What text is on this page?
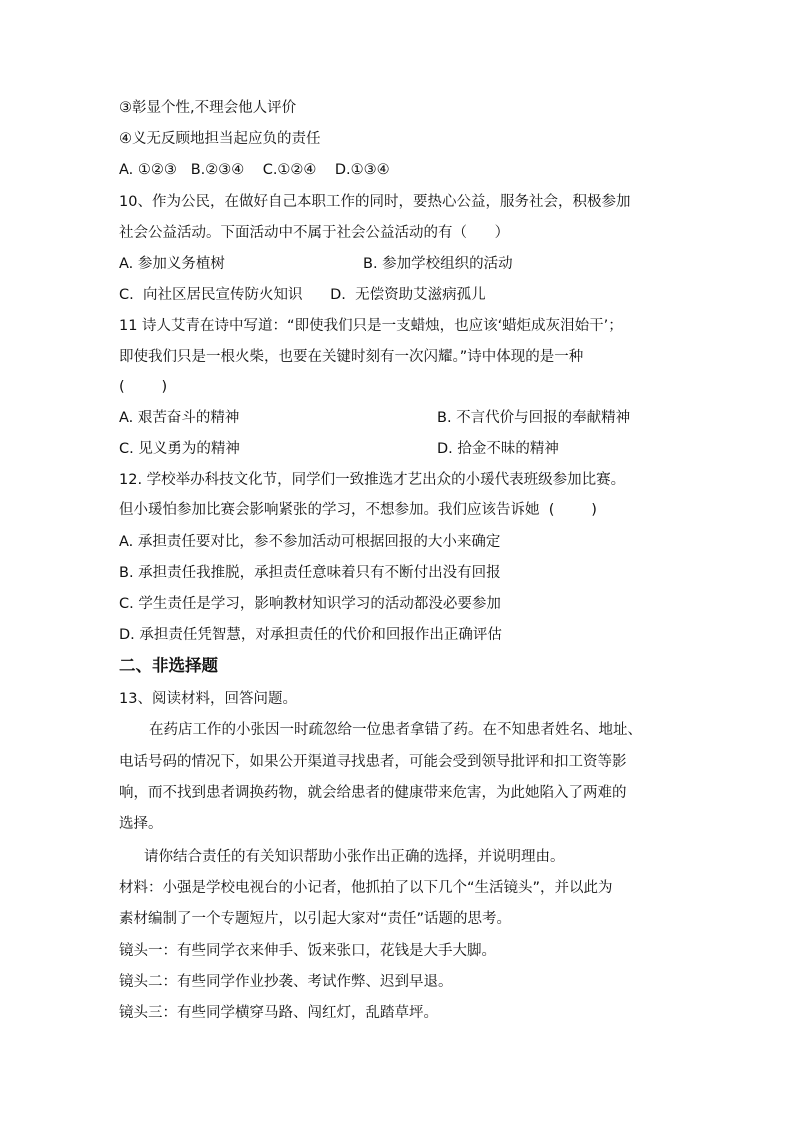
③彰显个性,不理会他人评价
④义无反顾地担当起应负的责任
A. ①②③   B.②③④    C.①②④    D.①③④
10、作为公民，在做好自己本职工作的同时，要热心公益，服务社会，积极参加
社会公益活动。下面活动中不属于社会公益活动的有（      ）
A. 参加义务植树	B. 参加学校组织的活动
C.  向社区居民宣传防火知识      D.  无偿资助艾滋病孤儿
11 诗人艾青在诗中写道：“即使我们只是一支蜡烛，也应该‘蜡炬成灰泪始干’；
即使我们只是一根火柴，也要在关键时刻有一次闪耀。”诗中体现的是一种
(        )
A. 艰苦奋斗的精神	B. 不言代价与回报的奉献精神
C. 见义勇为的精神	D. 拾金不昧的精神
12. 学校举办科技文化节，同学们一致推选才艺出众的小瑗代表班级参加比赛。
但小瑗怕参加比赛会影响紧张的学习，不想参加。我们应该告诉她  (        )
A. 承担责任要对比，参不参加活动可根据回报的大小来确定
B. 承担责任我推脱，承担责任意味着只有不断付出没有回报
C. 学生责任是学习，影响教材知识学习的活动都没必要参加
D. 承担责任凭智慧，对承担责任的代价和回报作出正确评估
二、非选择题
13、阅读材料，回答问题。
在药店工作的小张因一时疏忽给一位患者拿错了药。在不知患者姓名、地址、
电话号码的情况下，如果公开渠道寻找患者，可能会受到领导批评和扣工资等影
响，而不找到患者调换药物，就会给患者的健康带来危害，为此她陷入了两难的
选择。
请你结合责任的有关知识帮助小张作出正确的选择，并说明理由。
材料：小强是学校电视台的小记者，他抓拍了以下几个“生活镜头”，并以此为
素材编制了一个专题短片，以引起大家对“责任”话题的思考。
镜头一：有些同学衣来伸手、饭来张口，花钱是大手大脚。
镜头二：有些同学作业抄袭、考试作弊、迟到早退。
镜头三：有些同学横穿马路、闯红灯，乱踏草坪。
